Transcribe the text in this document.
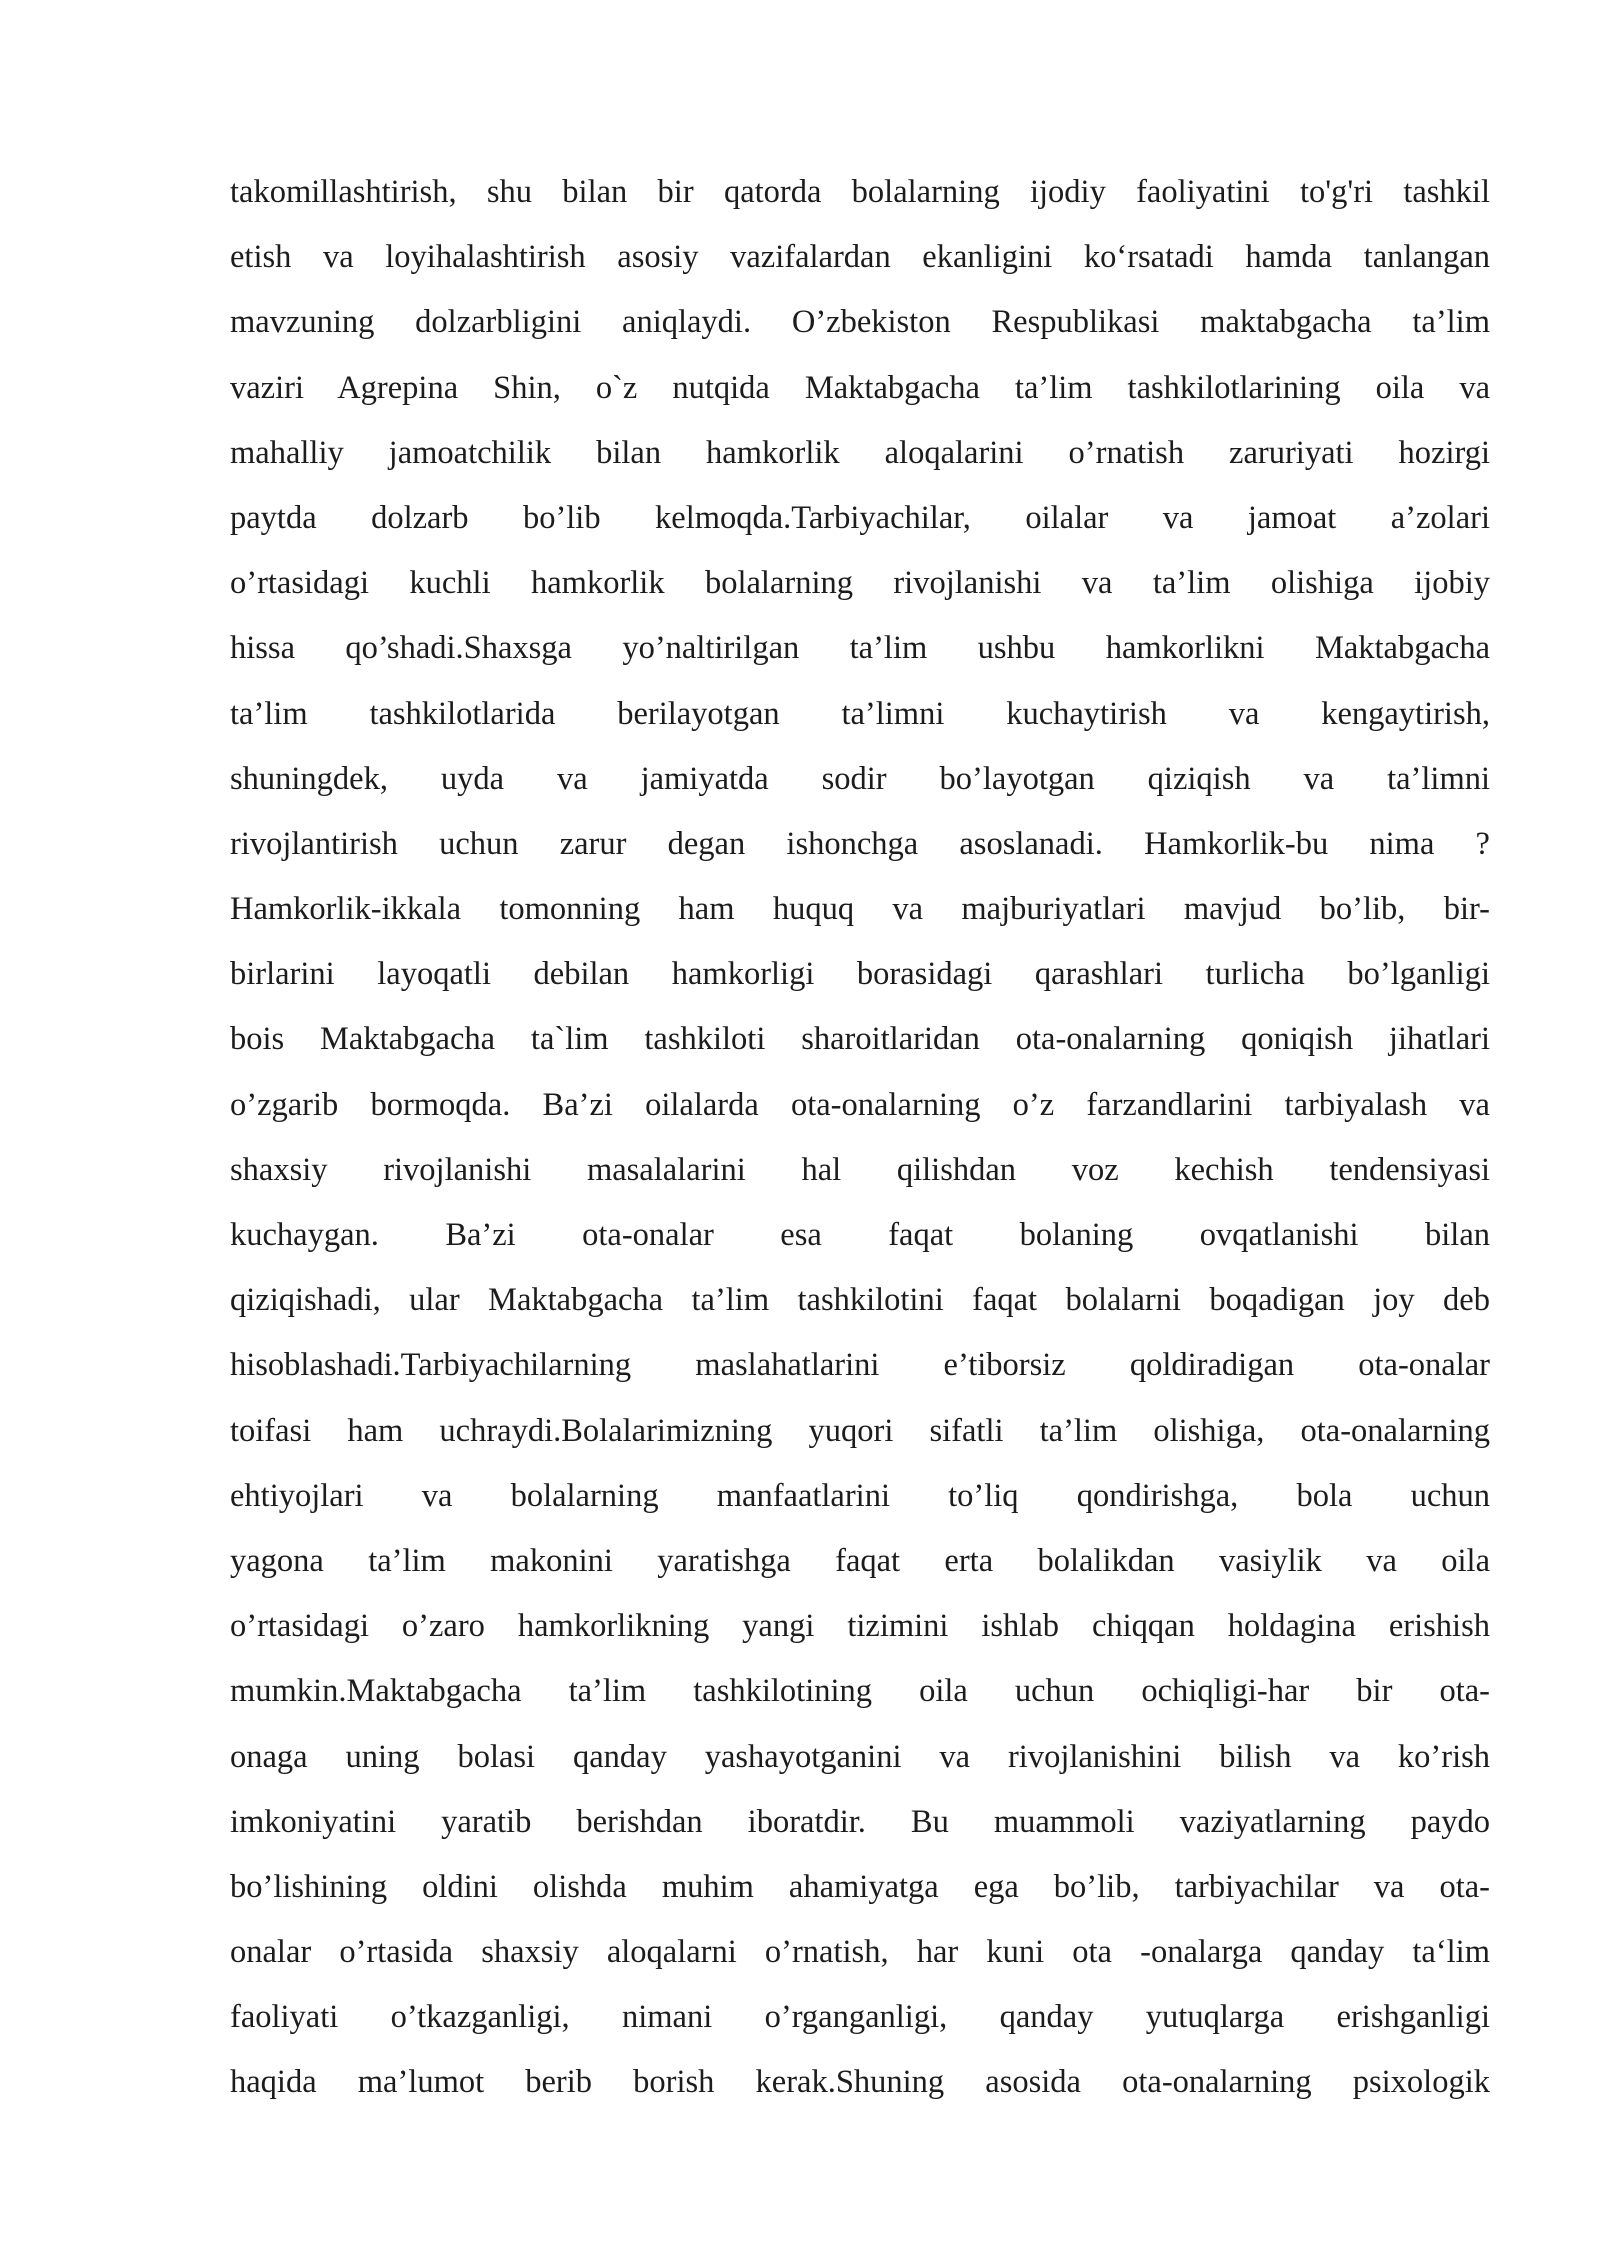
takomillashtirish, shu bilan bir qatorda bolalarning ijodiy faoliyatini to'g'ri tashkil
etish va loyihalashtirish asosiy vazifalardan ekanligini ko‘rsatadi hamda tanlangan
mavzuning dolzarbligini aniqlaydi. O’zbekiston Respublikasi maktabgacha ta’lim
vaziri Agrepina Shin, o`z nutqida Maktabgacha ta’lim tashkilotlarining oila va
mahalliy jamoatchilik bilan hamkorlik aloqalarini o’rnatish zaruriyati hozirgi
paytda dolzarb bo’lib kelmoqda.Tarbiyachilar, oilalar va jamoat a’zolari
o’rtasidagi kuchli hamkorlik bolalarning rivojlanishi va ta’lim olishiga ijobiy
hissa qo’shadi.Shaxsga yo’naltirilgan ta’lim ushbu hamkorlikni Maktabgacha
ta’lim tashkilotlarida berilayotgan ta’limni kuchaytirish va kengaytirish,
shuningdek, uyda va jamiyatda sodir bo’layotgan qiziqish va ta’limni
rivojlantirish uchun zarur degan ishonchga asoslanadi. Hamkorlik-bu nima ?
Hamkorlik-ikkala tomonning ham huquq va majburiyatlari mavjud bo’lib, bir-
birlarini layoqatli debilan hamkorligi borasidagi qarashlari turlicha bo’lganligi
bois Maktabgacha ta`lim tashkiloti sharoitlaridan ota-onalarning qoniqish jihatlari
o’zgarib bormoqda. Ba’zi oilalarda ota-onalarning o’z farzandlarini tarbiyalash va
shaxsiy rivojlanishi masalalarini hal qilishdan voz kechish tendensiyasi
kuchaygan. Ba’zi ota-onalar esa faqat bolaning ovqatlanishi bilan
qiziqishadi, ular Maktabgacha ta’lim tashkilotini faqat bolalarni boqadigan joy deb
hisoblashadi.Tarbiyachilarning maslahatlarini e’tiborsiz qoldiradigan ota-onalar
toifasi ham uchraydi.Bolalarimizning yuqori sifatli ta’lim olishiga, ota-onalarning
ehtiyojlari va bolalarning manfaatlarini to’liq qondirishga, bola uchun
yagona ta’lim makonini yaratishga faqat erta bolalikdan vasiylik va oila
o’rtasidagi o’zaro hamkorlikning yangi tizimini ishlab chiqqan holdagina erishish
mumkin.Maktabgacha ta’lim tashkilotining oila uchun ochiqligi-har bir ota-
onaga uning bolasi qanday yashayotganini va rivojlanishini bilish va ko’rish
imkoniyatini yaratib berishdan iboratdir. Bu muammoli vaziyatlarning paydo
bo’lishining oldini olishda muhim ahamiyatga ega bo’lib, tarbiyachilar va ota-
onalar o’rtasida shaxsiy aloqalarni o’rnatish, har kuni ota -onalarga qanday ta‘lim
faoliyati o’tkazganligi, nimani o’rganganligi, qanday yutuqlarga erishganligi
haqida ma’lumot berib borish kerak.Shuning asosida ota-onalarning psixologik
